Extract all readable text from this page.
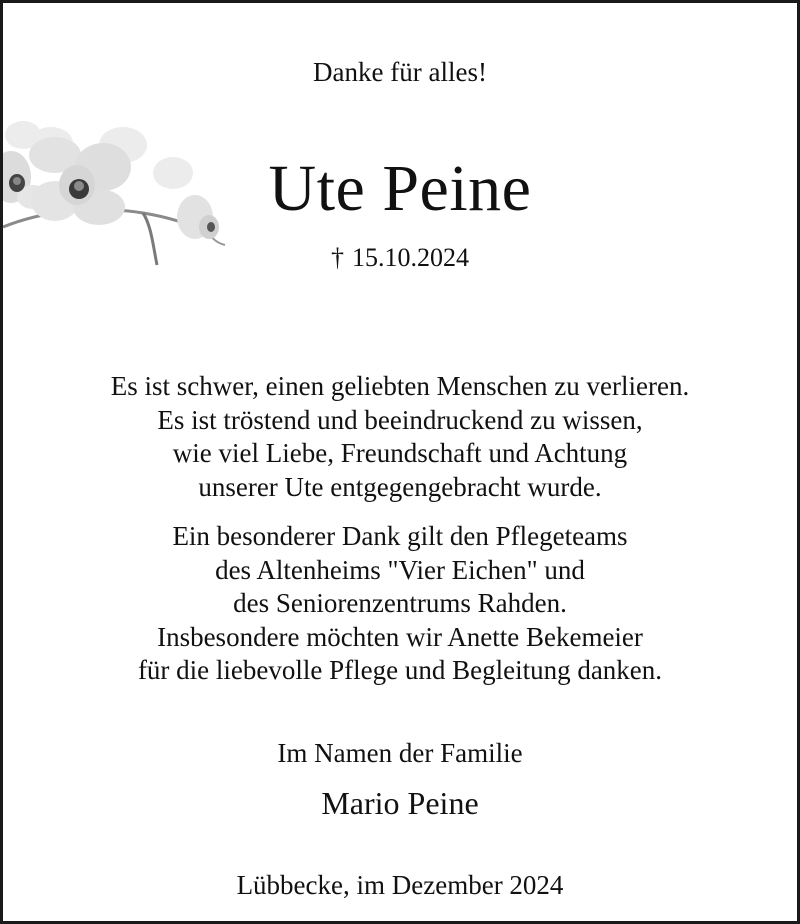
Danke für alles!

Ute Peine

† 15.10.2024

Es ist schwer, einen geliebten Menschen zu verlieren.
Es ist tröstend und beeindruckend zu wissen,
wie viel Liebe, Freundschaft und Achtung
unserer Ute entgegengebracht wurde.
Ein besonderer Dank gilt den Pflegeteams
des Altenheims "Vier Eichen" und
des Seniorenzentrums Rahden.
Insbesondere möchten wir Anette Bekemeier
für die liebevolle Pflege und Begleitung danken.

Im Namen der Familie

Mario Peine

Lübbecke, im Dezember 2024
